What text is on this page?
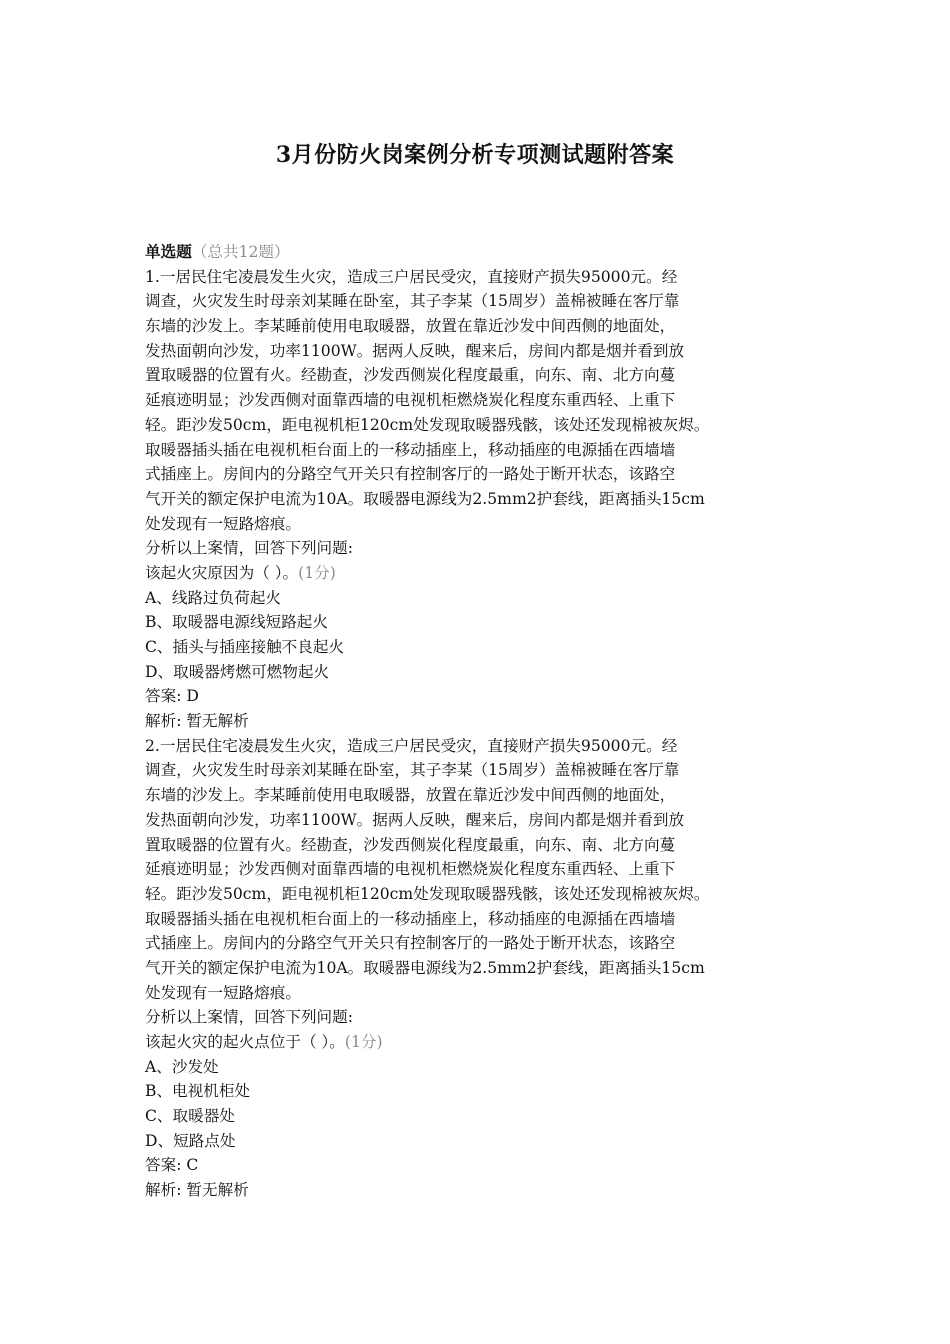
3月份防火岗案例分析专项测试题附答案
单选题（总共12题）
1.一居民住宅凌晨发生火灾，造成三户居民受灾，直接财产损失95000元。经
调查，火灾发生时母亲刘某睡在卧室，其子李某（15周岁）盖棉被睡在客厅靠
东墙的沙发上。李某睡前使用电取暖器，放置在靠近沙发中间西侧的地面处，
发热面朝向沙发，功率1100W。据两人反映，醒来后，房间内都是烟并看到放
置取暖器的位置有火。经勘查，沙发西侧炭化程度最重，向东、南、北方向蔓
延痕迹明显；沙发西侧对面靠西墙的电视机柜燃烧炭化程度东重西轻、上重下
轻。距沙发50cm，距电视机柜120cm处发现取暖器残骸，该处还发现棉被灰烬。
取暖器插头插在电视机柜台面上的一移动插座上，移动插座的电源插在西墙墙
式插座上。房间内的分路空气开关只有控制客厅的一路处于断开状态，该路空
气开关的额定保护电流为10A。取暖器电源线为2.5mm2护套线，距离插头15cm
处发现有一短路熔痕。
分析以上案情，回答下列问题:
该起火灾原因为（ ）。(1分)
A、线路过负荷起火
B、取暖器电源线短路起火
C、插头与插座接触不良起火
D、取暖器烤燃可燃物起火
答案: D
解析: 暂无解析
2.一居民住宅凌晨发生火灾，造成三户居民受灾，直接财产损失95000元。经
调查，火灾发生时母亲刘某睡在卧室，其子李某（15周岁）盖棉被睡在客厅靠
东墙的沙发上。李某睡前使用电取暖器，放置在靠近沙发中间西侧的地面处，
发热面朝向沙发，功率1100W。据两人反映，醒来后，房间内都是烟并看到放
置取暖器的位置有火。经勘查，沙发西侧炭化程度最重，向东、南、北方向蔓
延痕迹明显；沙发西侧对面靠西墙的电视机柜燃烧炭化程度东重西轻、上重下
轻。距沙发50cm，距电视机柜120cm处发现取暖器残骸，该处还发现棉被灰烬。
取暖器插头插在电视机柜台面上的一移动插座上，移动插座的电源插在西墙墙
式插座上。房间内的分路空气开关只有控制客厅的一路处于断开状态，该路空
气开关的额定保护电流为10A。取暖器电源线为2.5mm2护套线，距离插头15cm
处发现有一短路熔痕。
分析以上案情，回答下列问题:
该起火灾的起火点位于（ ）。(1分)
A、沙发处
B、电视机柜处
C、取暖器处
D、短路点处
答案: C
解析: 暂无解析
